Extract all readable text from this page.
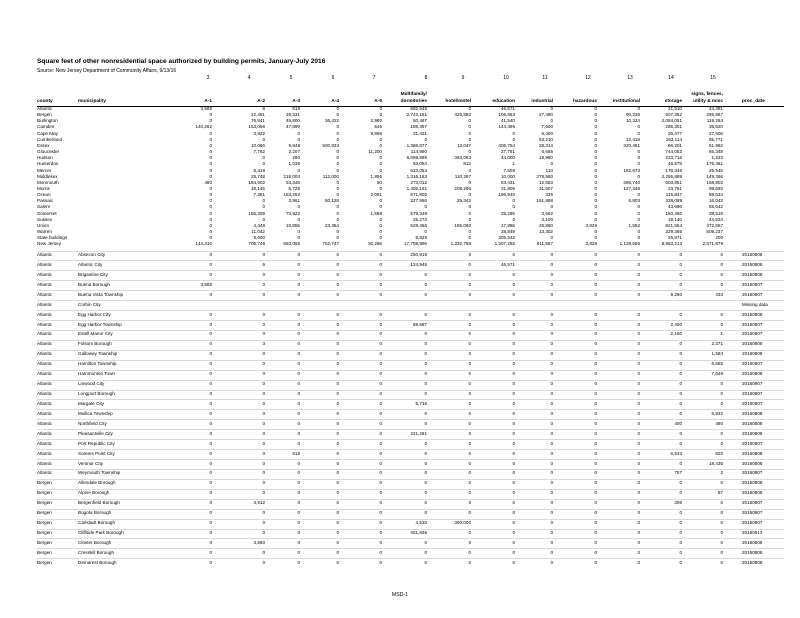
Square feet of other nonresidential space authorized by building permits, January-July 2016
Source: New Jersey Department of Community Affairs, 9/13/16
3	4	5	6	7	8	9	10	11	12	13	14	15
county	municipality	A-1	A-2	A-3	A-4	A-5
Multifamily/
dormitories	hotel/motel	education	industrial	hazardous	institutional	storage
signs, fences,
utility & misc	proc_date
Atlantic	3,568	8	618	0	0	692,548	0	46,571	0	0	0	21,510	44,391
Bergen	0	22,481	26,331	0	0	2,742,151	425,880	106,863	27,490	0	90,229	507,352	285,967
Burlington	0	76,841	45,800	36,422	2,980	50,497	0	41,540	0	0	10,324	2,084,051	119,284
Camden	140,262	163,056	47,899	0	546	189,397	0	144,496	7,500	0	0	285,301	35,520
Cape May	0	3,822	0	0	9,895	31,421	0	0	6,400	0	0	26,477	27,606
Cumberland	0	0	0	0	0	0	0	0	53,210	0	12,418	153,114	85,771
Essex	0	10,066	9,848	500,833	0	1,386,877	13,047	406,754	28,314	0	320,481	66,201	61,982
Gloucester	0	7,782	2,207	0	11,200	114,990	0	27,781	6,655	0	0	744,052	65,348
Hudson	0	0	260	0	0	6,699,899	363,063	44,000	19,980	0	0	233,716	1,232
Hunterdon	0	0	1,036	0	0	93,054	812	1	0	0	0	46,579	175,461
Mercer	0	6,418	0	0	0	623,054	0	7,508	110	0	162,673	178,346	25,946
Middlesex	0	25,748	218,004	112,000	1,856	1,316,163	110,287	10,000	378,580	0	0	2,255,889	149,396
Monmouth	480	184,502	53,348	0	50	273,012	0	63,431	12,653	0	396,740	503,851	168,802
Morris	0	18,145	5,728	0	0	1,405,161	208,266	31,809	31,507	0	127,446	23,751	99,693
Ocean	0	7,381	183,252	0	2,091	671,900	0	196,940	336	0	0	115,847	88,634
Passaic	0	0	3,961	80,128	0	327,956	25,343	0	191,898	0	6,803	328,089	16,043
Salem	0	0	0	0	0	0	0	0	0	0	0	43,696	55,642
Somerset	0	156,309	73,922	0	1,568	579,348	0	25,295	3,692	0	0	150,460	38,518
Sussex	0	0	0	0	0	25,273	0	0	3,100	0	0	19,140	44,534
Union	0	4,448	10,855	23,364	0	528,466	186,060	17,886	26,860	3,829	1,552	821,554	472,667
Warren	0	11,042	0	0	0	0	0	28,849	13,302	0	0	329,366	509,237
State buildings	0	8,600	0	0	0	8,829	0	305,542	0	0	0	26,871	200
New Jersey	144,310	706,749	683,069	752,747	30,286	17,759,996	1,332,758	1,507,265	811,587	3,829	1,128,666	8,963,213	2,571,879
Atlantic	Absecon City	0	0	0	0	0	250,919	0	0	0	0	0	0	0	20160808
Atlantic	Atlantic City	0	5	0	0	0	124,945	0	46,571	0	0	0	0	0	20160808
Atlantic	Brigantine City	0	0	0	0	0	0	0	0	0	0	0	0	0	20160808
Atlantic	Buena Borough	3,568	0	0	0	0	0	0	0	0	0	0	0	0	20160907
Atlantic	Buena Vista Township	0	0	0	0	0	0	0	0	0	0	0	9,260	433	20160907
Atlantic	Corbin City	Missing data
Atlantic	Egg Harbor City	0	0	0	0	0	0	0	0	0	0	0	0	0	20160808
Atlantic	Egg Harbor Township	0	0	0	0	0	89,687	0	0	0	0	0	2,400	0	20160907
Atlantic	Estell Manor City	0	0	0	0	0	0	0	0	0	0	0	2,160	1	20160907
Atlantic	Folsom Borough	0	3	0	0	0	0	0	0	0	0	0	0	2,371	20160808
Atlantic	Galloway Township	0	0	0	0	0	0	0	0	0	0	0	0	1,584	20160808
Atlantic	Hamilton Township	0	0	0	0	0	0	0	0	0	0	0	0	6,685	20160907
Atlantic	Hammonton Town	0	0	0	0	0	0	0	0	0	0	0	0	7,648	20160808
Atlantic	Linwood City	0	0	0	0	0	0	0	0	0	0	0	0	0	20160907
Atlantic	Longport Borough	0	0	0	0	0	0	0	0	0	0	0	0	0	20160907
Atlantic	Margate City	0	0	0	0	0	5,716	0	0	0	0	0	0	0	20160907
Atlantic	Mullica Township	0	0	0	0	0	0	0	0	0	0	0	0	5,932	20160808
Atlantic	Northfield City	0	0	0	0	0	0	0	0	0	0	0	400	480	20160808
Atlantic	Pleasantville City	0	0	0	0	0	221,281	0	0	0	0	0	0	0	20160808
Atlantic	Port Republic City	0	0	0	0	0	0	0	0	0	0	0	0	0	20160907
Atlantic	Somers Point City	0	0	618	0	0	0	0	0	0	0	0	6,533	820	20160808
Atlantic	Ventnor City	0	0	0	0	0	0	0	0	0	0	0	0	18,435	20160808
Atlantic	Weymouth Township	0	0	0	0	0	0	0	0	0	0	0	757	2	20160907
Bergen	Allendale Borough	0	0	0	0	0	0	0	0	0	0	0	0	0	20160808
Bergen	Alpine Borough	0	0	0	0	0	0	0	0	0	0	0	0	67	20160808
Bergen	Bergenfield Borough	0	3,912	0	0	0	0	0	0	0	0	0	306	0	20160907
Bergen	Bogota Borough	0	0	0	0	0	0	0	0	0	0	0	0	0	20160907
Bergen	Carlstadt Borough	0	0	0	0	0	4,530	360,000	0	0	0	0	0	0	20160907
Bergen	Cliffside Park Borough	0	0	0	0	0	451,836	0	0	0	0	0	0	0	20160913
Bergen	Closter Borough	0	3,560	0	0	0	0	0	0	0	0	0	0	0	20160808
Bergen	Cresskill Borough	0	0	0	0	0	0	0	0	0	0	0	0	0	20160808
Bergen	Demarest Borough	0	0	0	0	0	0	0	0	0	0	0	0	0	20160808
MSD-1
